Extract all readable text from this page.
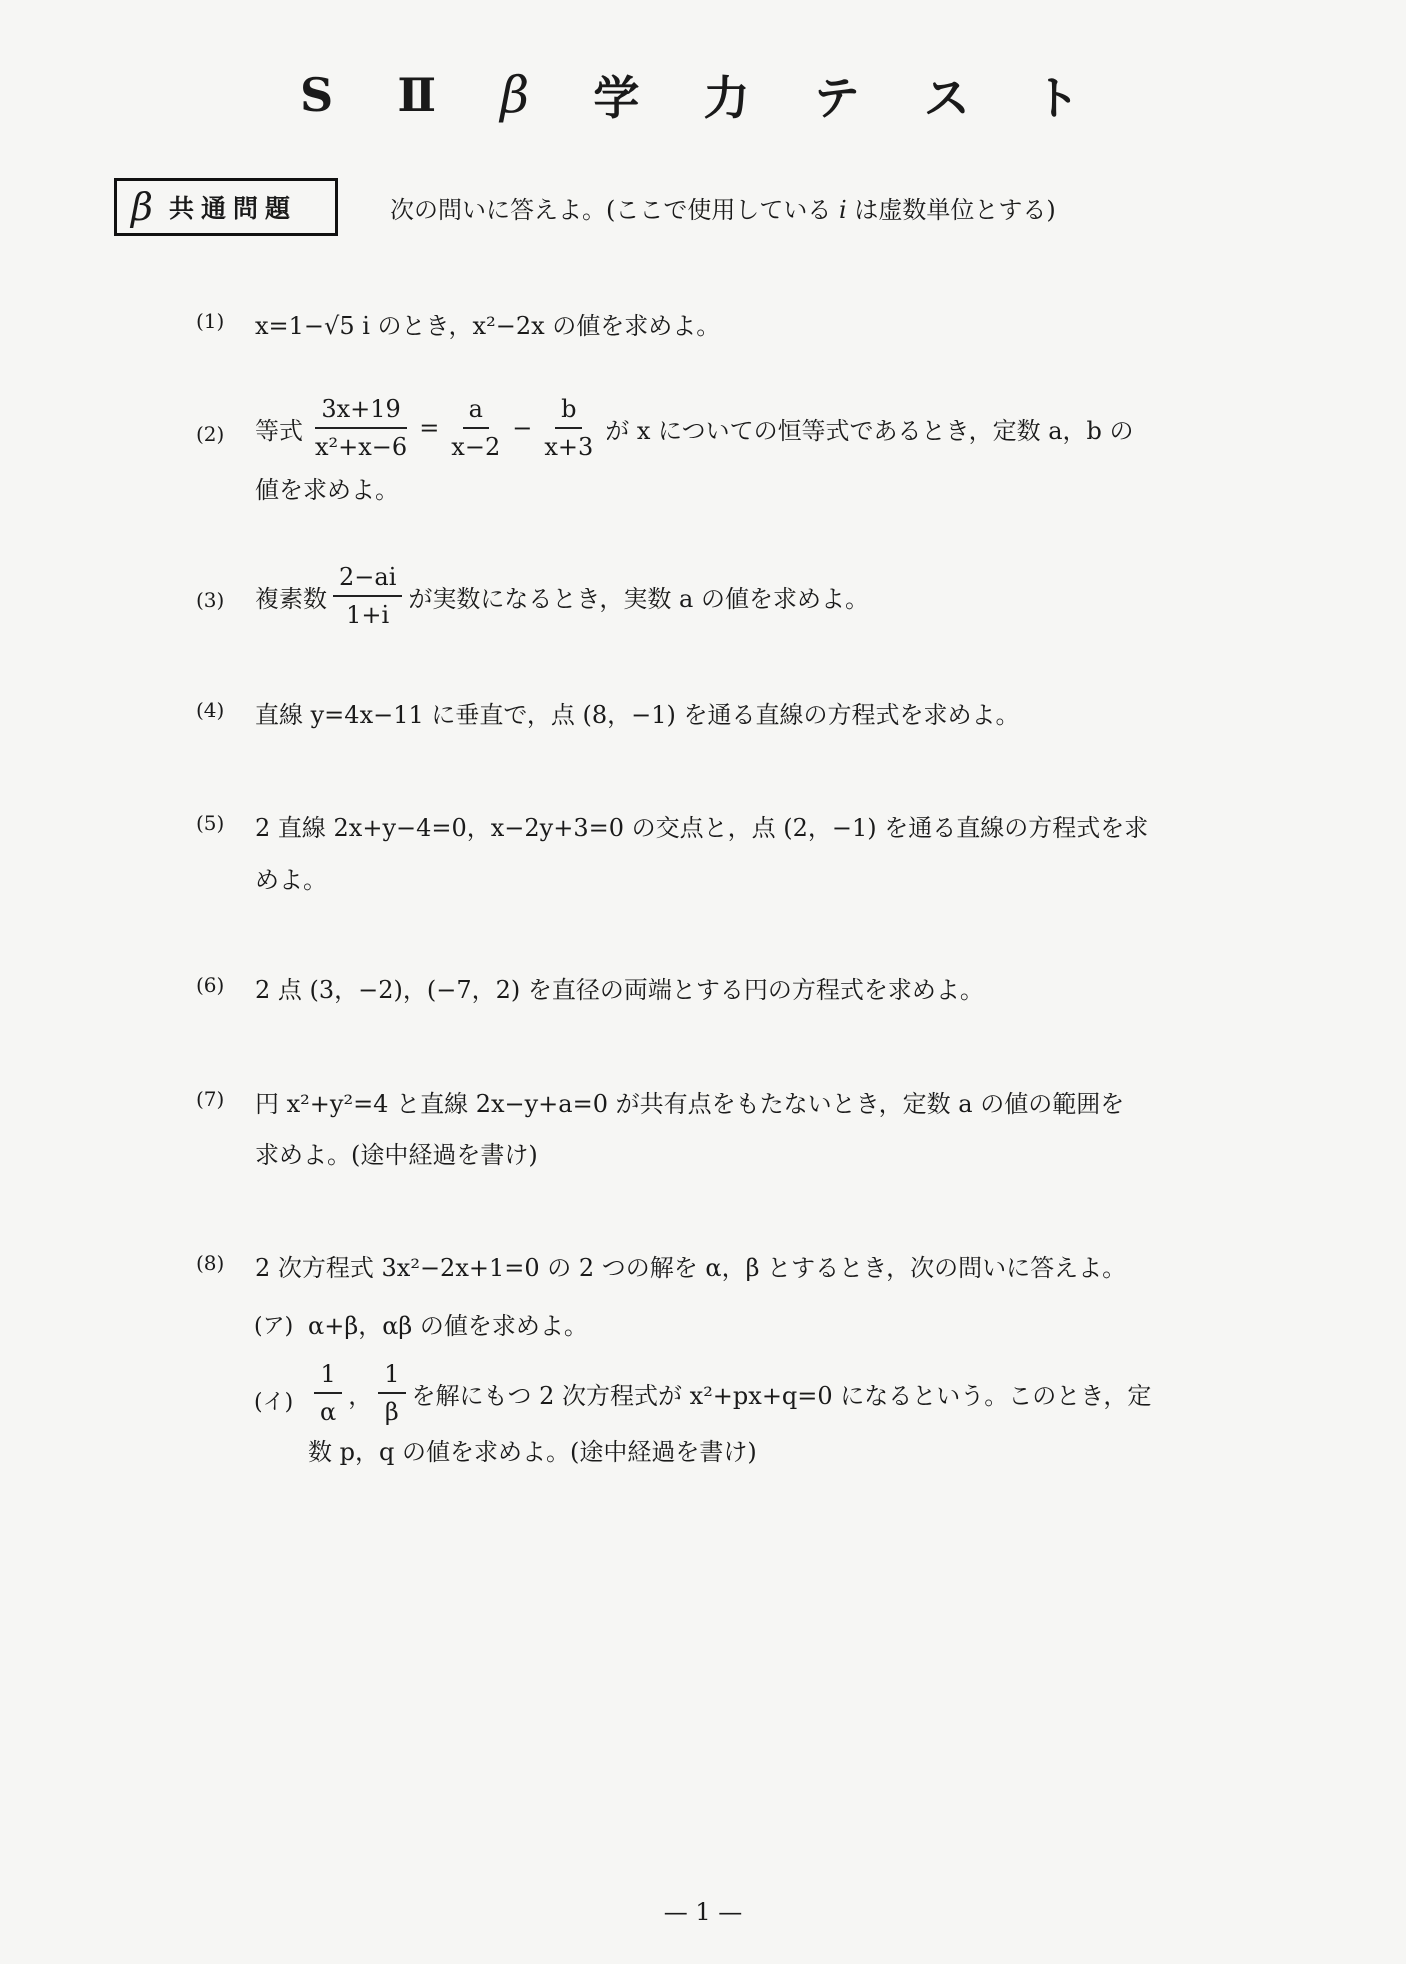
S Ⅱ β 学 力 テ ス ト
β 共通問題	次の問いに答えよ。(ここで使用している i は虚数単位とする)
(1) x=1−√5 i のとき，x²−2x の値を求めよ。
(2) 等式 $\frac{3x+19}{\text{x²+x−6}} = \frac{a}{x-2} - \frac{b}{x+3}$ が x についての恒等式であるとき，定数 a，b の
値を求めよ。
(3) 複素数 $\frac{2-ai}{1+i}$ が実数になるとき，実数 a の値を求めよ。
(4) 直線 y=4x−11 に垂直で，点 (8，−1) を通る直線の方程式を求めよ。
(5) 2 直線 2x+y−4=0，x−2y+3=0 の交点と，点 (2，−1) を通る直線の方程式を求
めよ。
(6) 2 点 (3，−2)，(−7，2) を直径の両端とする円の方程式を求めよ。
(7) 円 x²+y²=4 と直線 2x−y+a=0 が共有点をもたないとき，定数 a の値の範囲を
求めよ。(途中経過を書け)
(8) 2 次方程式 3x²−2x+1=0 の 2 つの解を α，β とするとき，次の問いに答えよ。
(ア) α+β，αβ の値を求めよ。
(イ) $\frac{1}{\alpha}$ ， $\frac{1}{\beta}$ を解にもつ 2 次方程式が x²+px+q=0 になるという。このとき，定
数 p，q の値を求めよ。(途中経過を書け)
— 1 —
